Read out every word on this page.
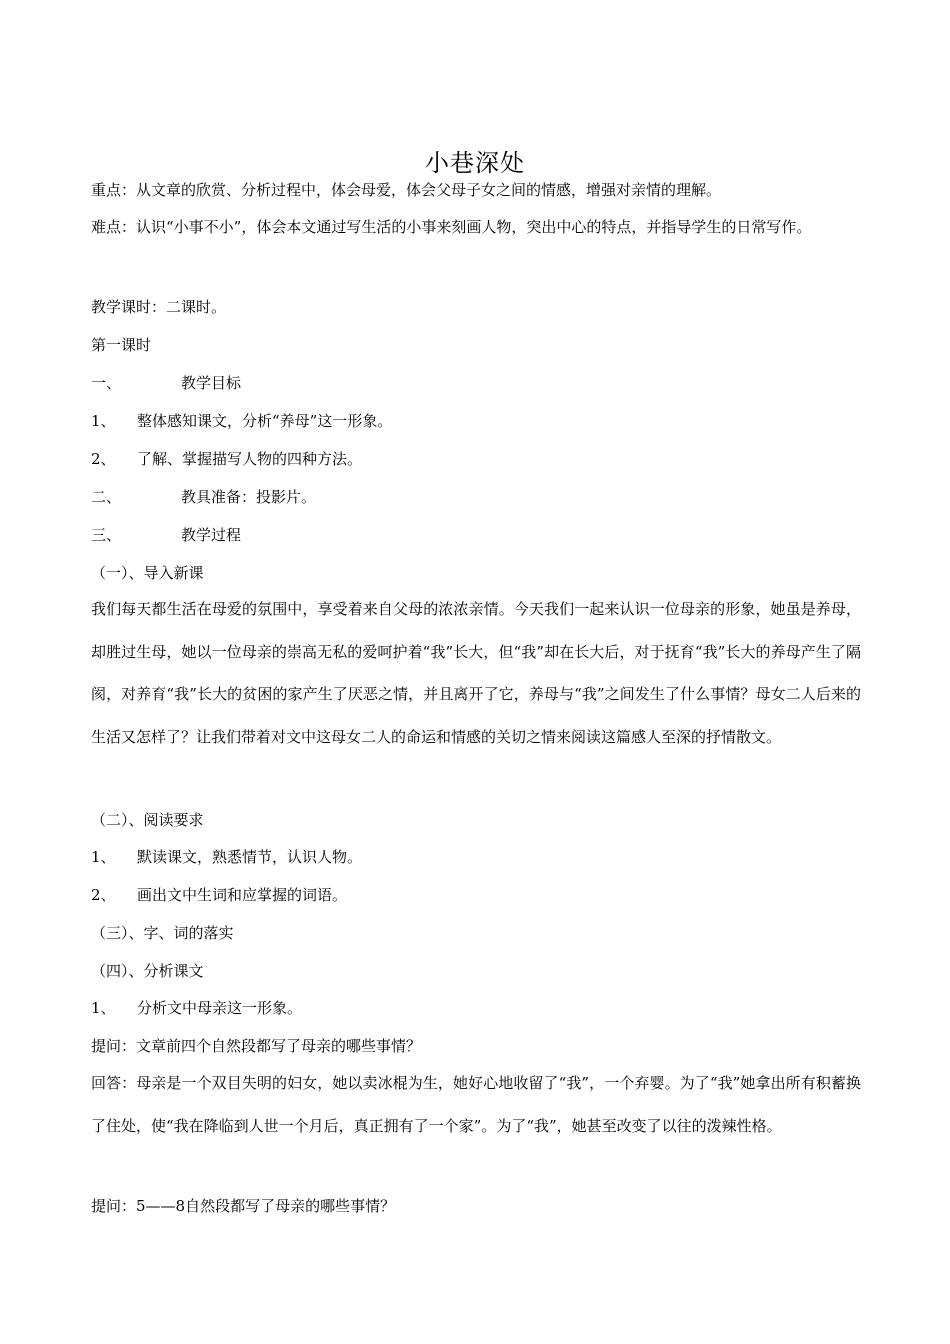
小巷深处
重点：从文章的欣赏、分析过程中，体会母爱，体会父母子女之间的情感，增强对亲情的理解。
难点：认识“小事不小”，体会本文通过写生活的小事来刻画人物，突出中心的特点，并指导学生的日常写作。
教学课时：二课时。
第一课时
一、	教学目标
1、 整体感知课文，分析“养母”这一形象。
2、 了解、掌握描写人物的四种方法。
二、	教具准备：投影片。
三、	教学过程
（一）、导入新课
我们每天都生活在母爱的氛围中，享受着来自父母的浓浓亲情。今天我们一起来认识一位母亲的形象，她虽是养母，却胜过生母，她以一位母亲的崇高无私的爱呵护着“我”长大，但“我”却在长大后，对于抚育“我”长大的养母产生了隔阂，对养育“我”长大的贫困的家产生了厌恶之情，并且离开了它，养母与“我”之间发生了什么事情？母女二人后来的生活又怎样了？让我们带着对文中这母女二人的命运和情感的关切之情来阅读这篇感人至深的抒情散文。
（二）、阅读要求
1、 默读课文，熟悉情节，认识人物。
2、 画出文中生词和应掌握的词语。
（三）、字、词的落实
（四）、分析课文
1、 分析文中母亲这一形象。
提问：文章前四个自然段都写了母亲的哪些事情？
回答：母亲是一个双目失明的妇女，她以卖冰棍为生，她好心地收留了“我”，一个弃婴。为了“我”她拿出所有积蓄换了住处，使“我在降临到人世一个月后，真正拥有了一个家”。为了“我”，她甚至改变了以往的泼辣性格。
提问：5——8自然段都写了母亲的哪些事情？
